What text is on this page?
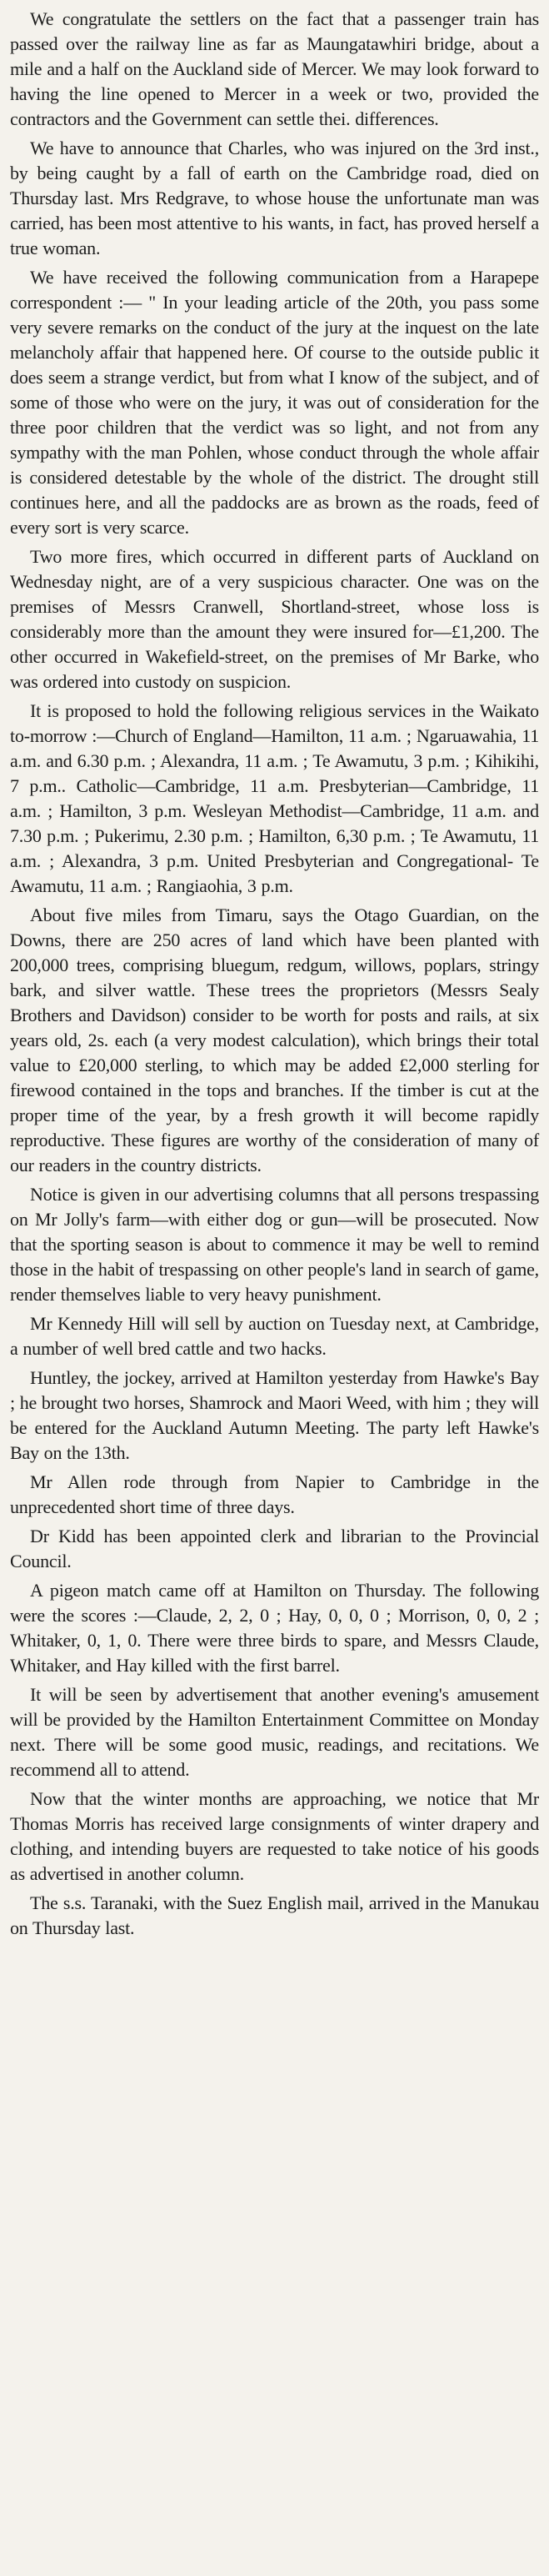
We congratulate the settlers on the fact that a passenger train has passed over the railway line as far as Maungatawhiri bridge, about a mile and a half on the Auckland side of Mercer. We may look forward to having the line opened to Mercer in a week or two, provided the contractors and the Government can settle thei. differences.

We have to announce that Charles, who was injured on the 3rd inst., by being caught by a fall of earth on the Cambridge road, died on Thursday last. Mrs Redgrave, to whose house the unfortunate man was carried, has been most attentive to his wants, in fact, has proved herself a true woman.

We have received the following communication from a Harapepe correspondent :— " In your leading article of the 20th, you pass some very severe remarks on the conduct of the jury at the inquest on the late melancholy affair that happened here. Of course to the outside public it does seem a strange verdict, but from what I know of the subject, and of some of those who were on the jury, it was out of consideration for the three poor children that the verdict was so light, and not from any sympathy with the man Pohlen, whose conduct through the whole affair is considered detestable by the whole of the district. The drought still continues here, and all the paddocks are as brown as the roads, feed of every sort is very scarce.

Two more fires, which occurred in different parts of Auckland on Wednesday night, are of a very suspicious character. One was on the premises of Messrs Cranwell, Shortland-street, whose loss is considerably more than the amount they were insured for—£1,200. The other occurred in Wakefield-street, on the premises of Mr Barke, who was ordered into custody on suspicion.

It is proposed to hold the following religious services in the Waikato to-morrow :—Church of England—Hamilton, 11 a.m. ; Ngaruawahia, 11 a.m. and 6.30 p.m. ; Alexandra, 11 a.m. ; Te Awamutu, 3 p.m. ; Kihikihi, 7 p.m.. Catholic—Cambridge, 11 a.m. Presbyterian—Cambridge, 11 a.m. ; Hamilton, 3 p.m. Wesleyan Methodist—Cambridge, 11 a.m. and 7.30 p.m. ; Pukerimu, 2.30 p.m. ; Hamilton, 6,30 p.m. ; Te Awamutu, 11 a.m. ; Alexandra, 3 p.m. United Presbyterian and Congregational- Te Awamutu, 11 a.m. ; Rangiaohia, 3 p.m.

About five miles from Timaru, says the Otago Guardian, on the Downs, there are 250 acres of land which have been planted with 200,000 trees, comprising bluegum, redgum, willows, poplars, stringy bark, and silver wattle. These trees the proprietors (Messrs Sealy Brothers and Davidson) consider to be worth for posts and rails, at six years old, 2s. each (a very modest calculation), which brings their total value to £20,000 sterling, to which may be added £2,000 sterling for firewood contained in the tops and branches. If the timber is cut at the proper time of the year, by a fresh growth it will become rapidly reproductive. These figures are worthy of the consideration of many of our readers in the country districts.

Notice is given in our advertising columns that all persons trespassing on Mr Jolly's farm—with either dog or gun—will be prosecuted. Now that the sporting season is about to commence it may be well to remind those in the habit of trespassing on other people's land in search of game, render themselves liable to very heavy punishment.

Mr Kennedy Hill will sell by auction on Tuesday next, at Cambridge, a number of well bred cattle and two hacks.

Huntley, the jockey, arrived at Hamilton yesterday from Hawke's Bay ; he brought two horses, Shamrock and Maori Weed, with him ; they will be entered for the Auckland Autumn Meeting. The party left Hawke's Bay on the 13th.

Mr Allen rode through from Napier to Cambridge in the unprecedented short time of three days.

Dr Kidd has been appointed clerk and librarian to the Provincial Council.

A pigeon match came off at Hamilton on Thursday. The following were the scores :—Claude, 2, 2, 0 ; Hay, 0, 0, 0 ; Morrison, 0, 0, 2 ; Whitaker, 0, 1, 0. There were three birds to spare, and Messrs Claude, Whitaker, and Hay killed with the first barrel.

It will be seen by advertisement that another evening's amusement will be provided by the Hamilton Entertainment Committee on Monday next. There will be some good music, readings, and recitations. We recommend all to attend.

Now that the winter months are approaching, we notice that Mr Thomas Morris has received large consignments of winter drapery and clothing, and intending buyers are requested to take notice of his goods as advertised in another column.

The s.s. Taranaki, with the Suez English mail, arrived in the Manukau on Thursday last.
